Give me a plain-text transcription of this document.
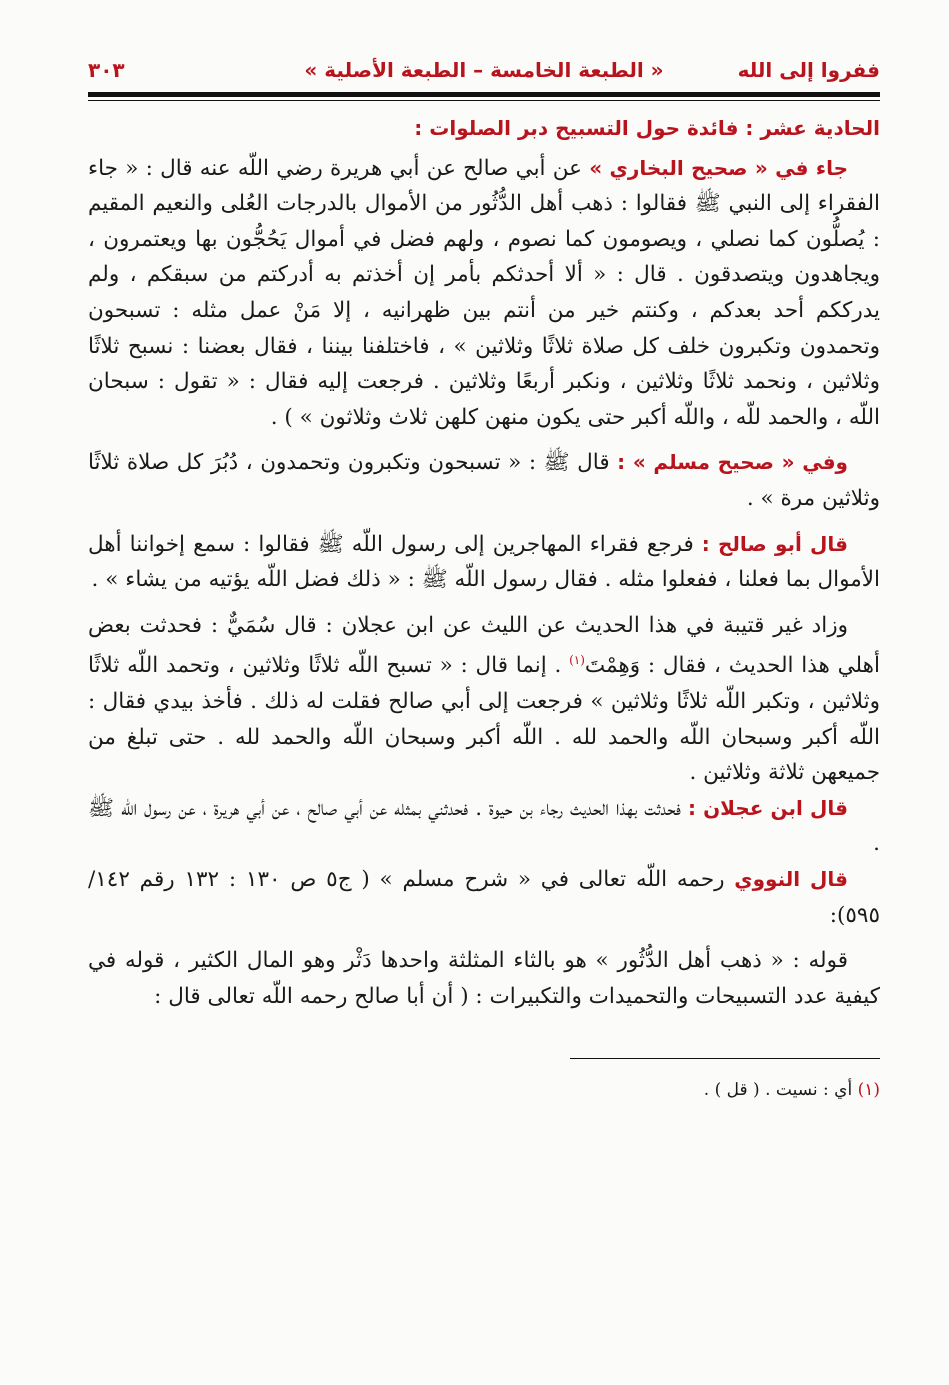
ففروا إلى الله
« الطبعة الخامسة – الطبعة الأصلية »
٣٠٣
الحادية عشر : فائدة حول التسبيح دبر الصلوات :

جاء في « صحيح البخاري » عن أبي صالح عن أبي هريرة رضي اللّه عنه قال : « جاء الفقراء إلى النبي ﷺ فقالوا : ذهب أهل الدُّثُور من الأموال بالدرجات العُلى والنعيم المقيم : يُصلُّون كما نصلي ، ويصومون كما نصوم ، ولهم فضل في أموال يَحُجُّون بها ويعتمرون ، ويجاهدون ويتصدقون . قال : « ألا أحدثكم بأمر إن أخذتم به أدركتم من سبقكم ، ولم يدرككم أحد بعدكم ، وكنتم خير من أنتم بين ظهرانيه ، إلا مَنْ عمل مثله : تسبحون وتحمدون وتكبرون خلف كل صلاة ثلاثًا وثلاثين » ، فاختلفنا بيننا ، فقال بعضنا : نسبح ثلاثًا وثلاثين ، ونحمد ثلاثًا وثلاثين ، ونكبر أربعًا وثلاثين . فرجعت إليه فقال : « تقول : سبحان اللّه ، والحمد للّه ، واللّه أكبر حتى يكون منهن كلهن ثلاث وثلاثون » ) .

وفي « صحيح مسلم » : قال ﷺ : « تسبحون وتكبرون وتحمدون ، دُبُرَ كل صلاة ثلاثًا وثلاثين مرة » .

قال أبو صالح : فرجع فقراء المهاجرين إلى رسول اللّه ﷺ فقالوا : سمع إخواننا أهل الأموال بما فعلنا ، ففعلوا مثله . فقال رسول اللّه ﷺ : « ذلك فضل اللّه يؤتيه من يشاء » .

وزاد غير قتيبة في هذا الحديث عن الليث عن ابن عجلان : قال سُمَيٌّ : فحدثت بعض أهلي هذا الحديث ، فقال : وَهِمْتَ$^{(١)}$ . إنما قال : « تسبح اللّه ثلاثًا وثلاثين ، وتحمد اللّه ثلاثًا وثلاثين ، وتكبر اللّه ثلاثًا وثلاثين » فرجعت إلى أبي صالح فقلت له ذلك . فأخذ بيدي فقال : اللّه أكبر وسبحان اللّه والحمد لله . اللّه أكبر وسبحان اللّه والحمد لله . حتى تبلغ من جميعهن ثلاثة وثلاثين .

قال ابن عجلان : فحدثت بهذا الحديث رجاء بن حيوة . فحدثني بمثله عن أبي صالح ، عن أبي هريرة ، عن رسول اللّه ﷺ .

قال النووي رحمه اللّه تعالى في « شرح مسلم » ( ج٥ ص ١٣٠ : ١٣٢ رقم ١٤٢/ ٥٩٥):

قوله : « ذهب أهل الدُّثُور » هو بالثاء المثلثة واحدها دَثْر وهو المال الكثير ، قوله في كيفية عدد التسبيحات والتحميدات والتكبيرات : ( أن أبا صالح رحمه اللّه تعالى قال :

(١) أي : نسيت . ( قل ) .
